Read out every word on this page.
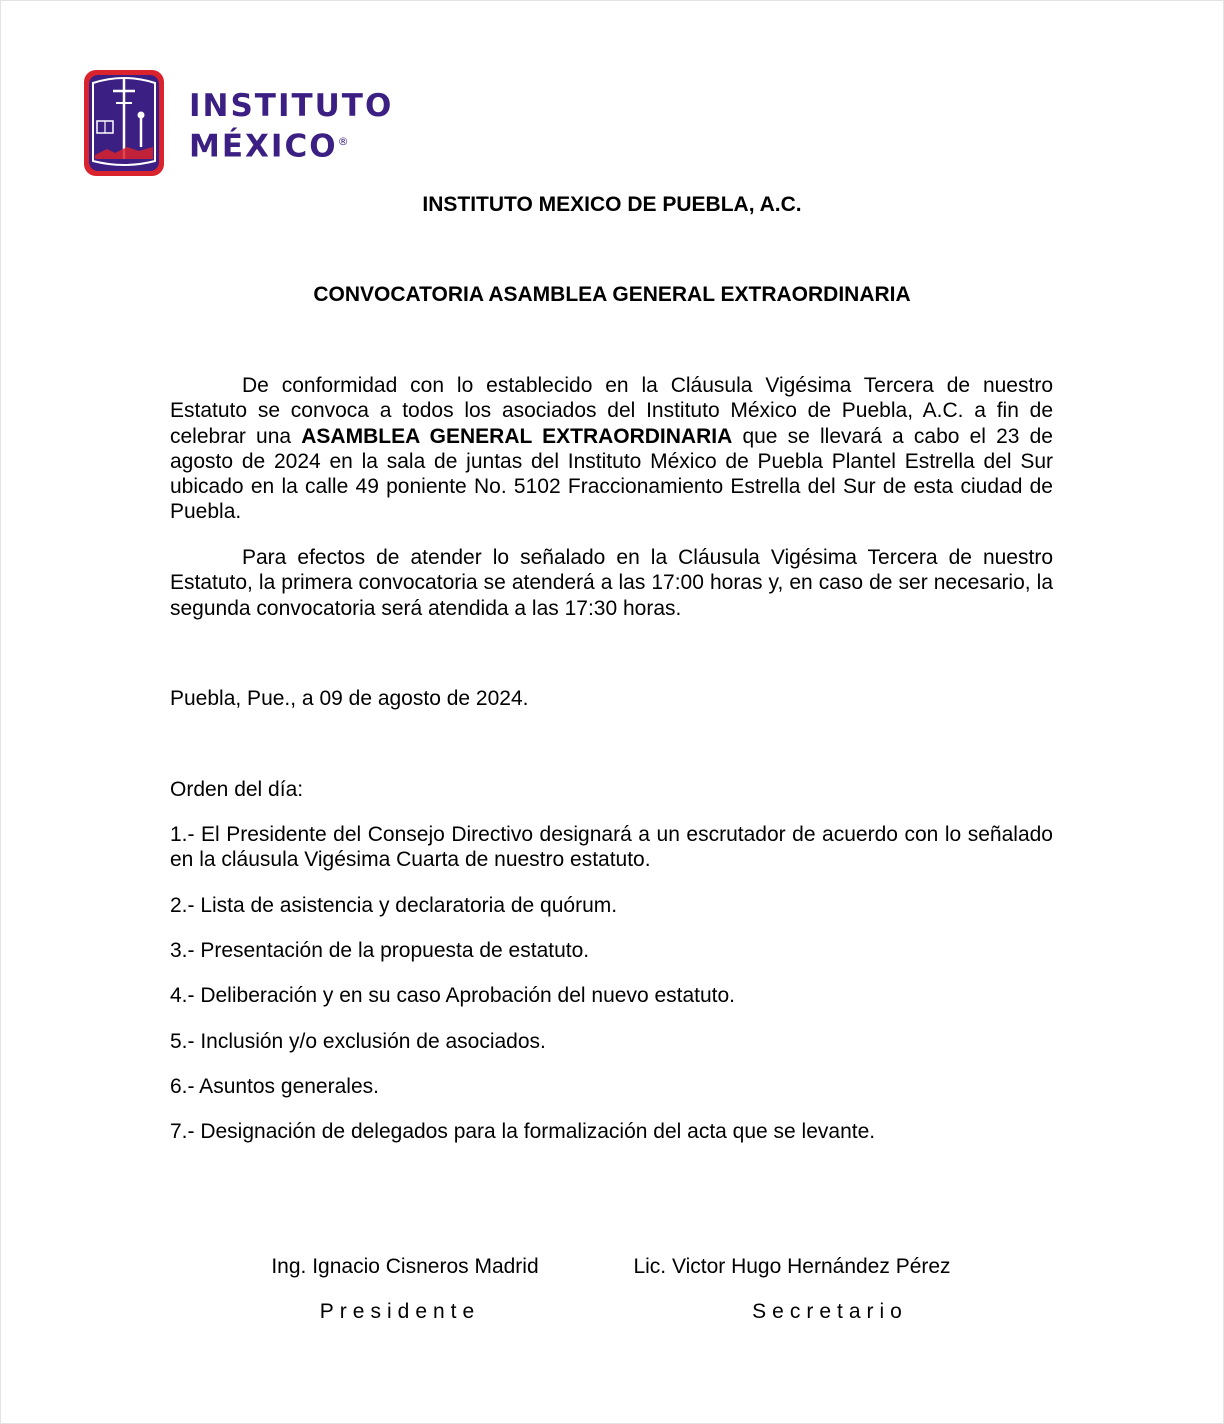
INSTITUTO
MÉXICO®
INSTITUTO MEXICO DE PUEBLA, A.C.
CONVOCATORIA ASAMBLEA GENERAL EXTRAORDINARIA
De conformidad con lo establecido en la Cláusula Vigésima Tercera de nuestro Estatuto se convoca a todos los asociados del Instituto México de Puebla, A.C. a fin de celebrar una ASAMBLEA GENERAL EXTRAORDINARIA que se llevará a cabo el 23 de agosto de 2024 en la sala de juntas del Instituto México de Puebla Plantel Estrella del Sur ubicado en la calle 49 poniente No. 5102 Fraccionamiento Estrella del Sur de esta ciudad de Puebla.
Para efectos de atender lo señalado en la Cláusula Vigésima Tercera de nuestro Estatuto, la primera convocatoria se atenderá a las 17:00 horas y, en caso de ser necesario, la segunda convocatoria será atendida a las 17:30 horas.
Puebla, Pue., a 09 de agosto de 2024.
Orden del día:
1.- El Presidente del Consejo Directivo designará a un escrutador de acuerdo con lo señalado en la cláusula Vigésima Cuarta de nuestro estatuto.
2.- Lista de asistencia y declaratoria de quórum.
3.- Presentación de la propuesta de estatuto.
4.- Deliberación y en su caso Aprobación del nuevo estatuto.
5.- Inclusión y/o exclusión de asociados.
6.- Asuntos generales.
7.- Designación de delegados para la formalización del acta que se levante.
Ing. Ignacio Cisneros Madrid
Presidente
Lic. Victor Hugo Hernández Pérez
Secretario
